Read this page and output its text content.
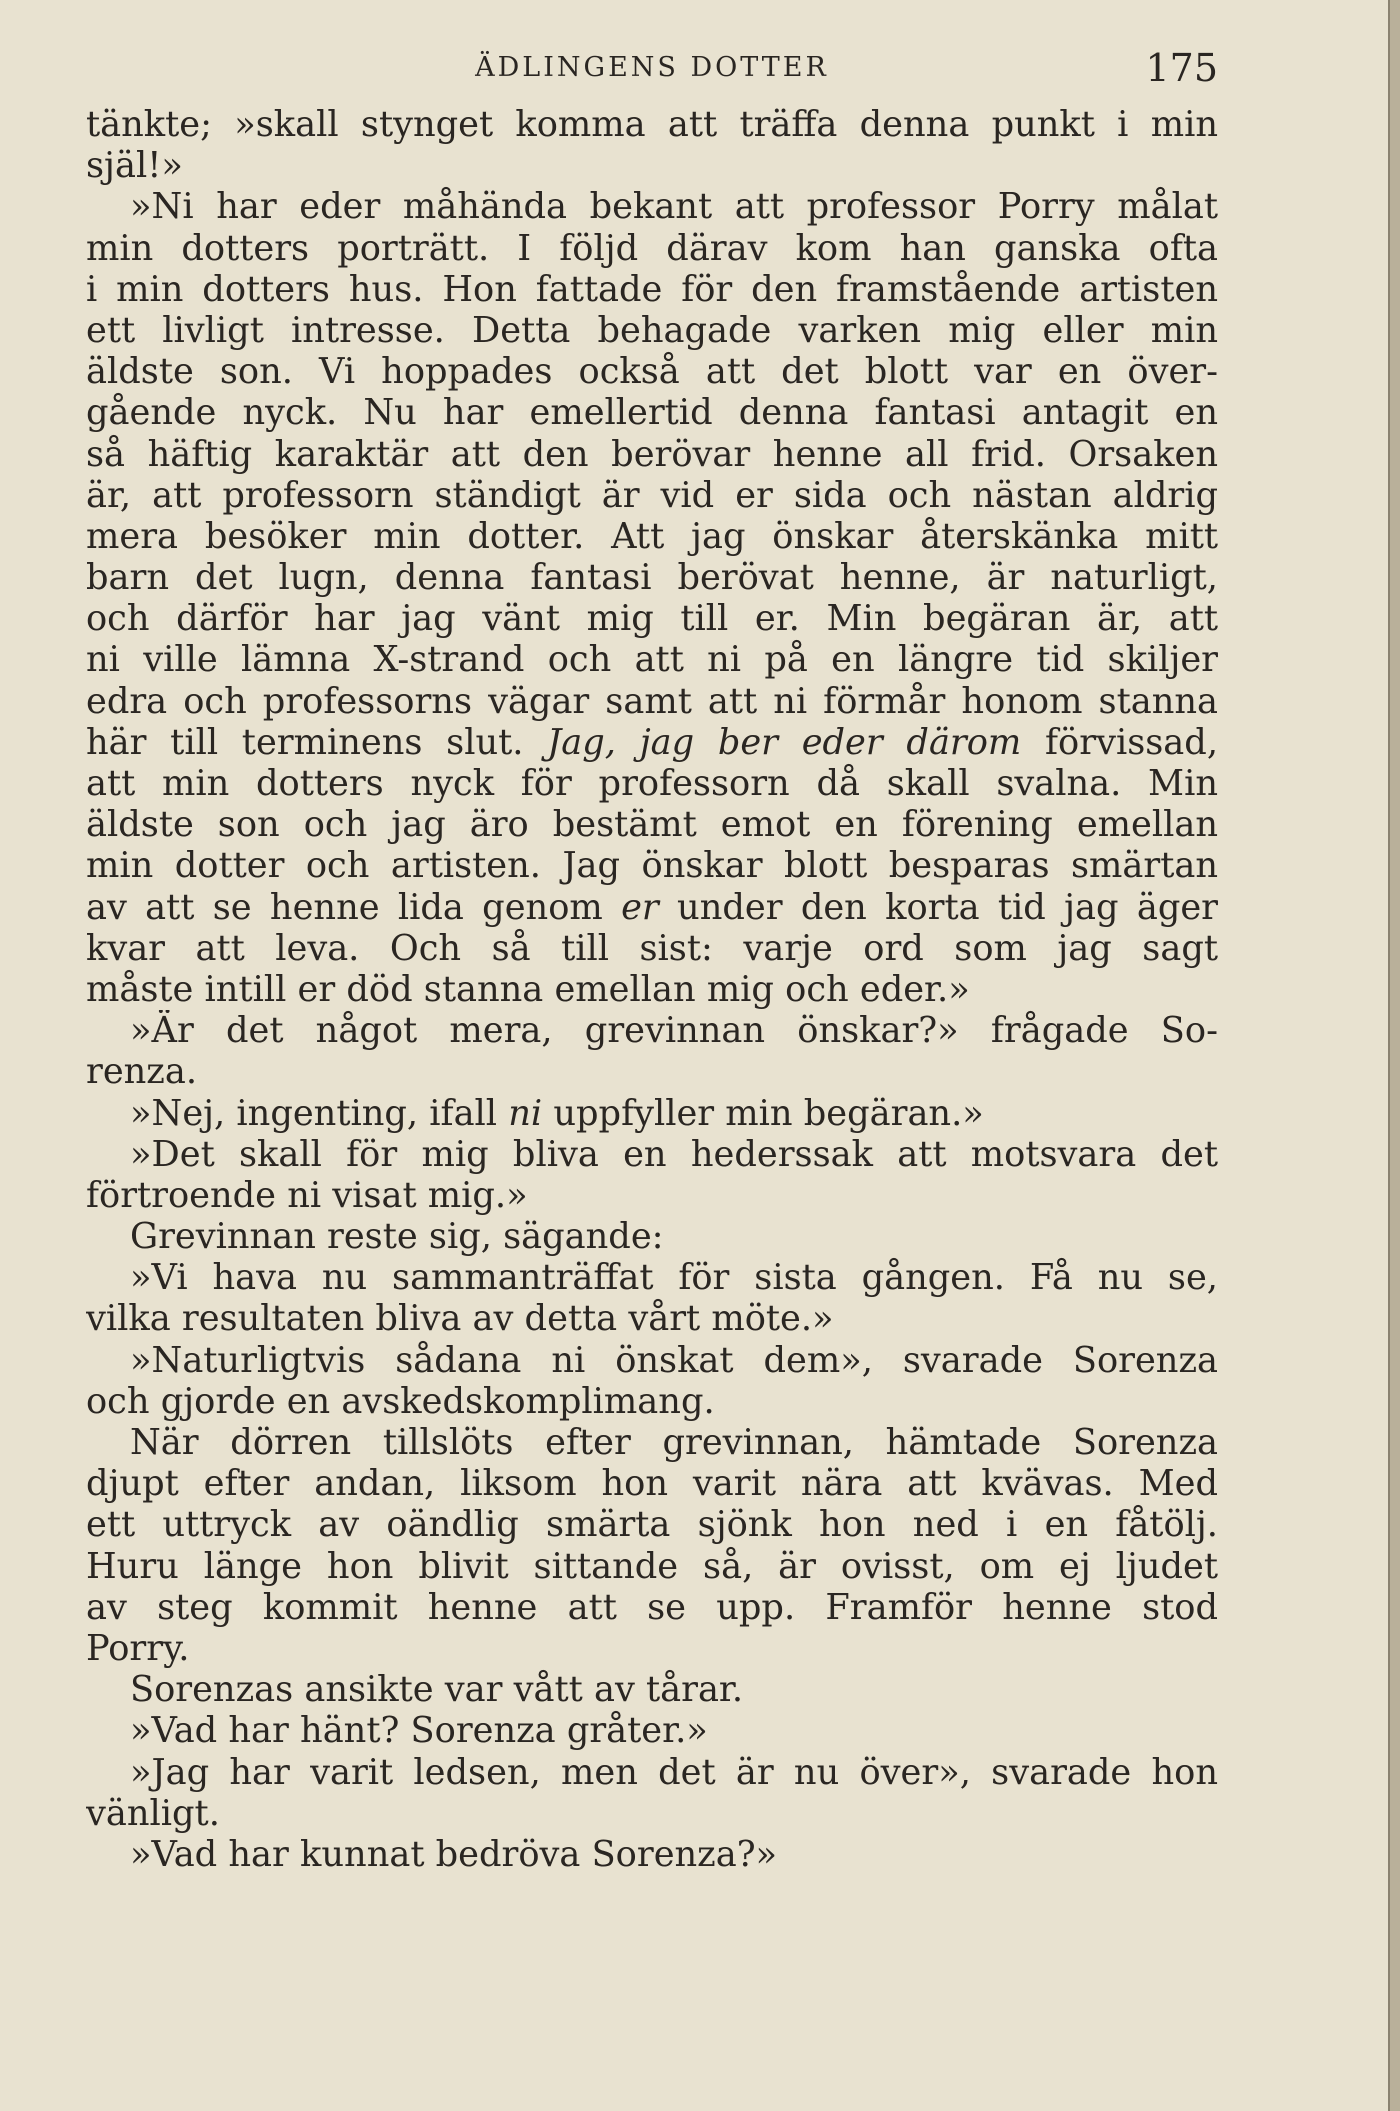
ÄDLINGENS DOTTER	175
tänkte; »skall stynget komma att träffa denna punkt i min
själ!»
»Ni har eder måhända bekant att professor Porry målat
min dotters porträtt. I följd därav kom han ganska ofta
i min dotters hus. Hon fattade för den framstående artisten
ett livligt intresse. Detta behagade varken mig eller min
äldste son. Vi hoppades också att det blott var en över-
gående nyck. Nu har emellertid denna fantasi antagit en
så häftig karaktär att den berövar henne all frid. Orsaken
är, att professorn ständigt är vid er sida och nästan aldrig
mera besöker min dotter. Att jag önskar återskänka mitt
barn det lugn, denna fantasi berövat henne, är naturligt,
och därför har jag vänt mig till er. Min begäran är, att
ni ville lämna X-strand och att ni på en längre tid skiljer
edra och professorns vägar samt att ni förmår honom stanna
här till terminens slut. Jag, jag ber eder därom förvissad,
att min dotters nyck för professorn då skall svalna. Min
äldste son och jag äro bestämt emot en förening emellan
min dotter och artisten. Jag önskar blott besparas smärtan
av att se henne lida genom er under den korta tid jag äger
kvar att leva. Och så till sist: varje ord som jag sagt
måste intill er död stanna emellan mig och eder.»
»Är det något mera, grevinnan önskar?» frågade So-
renza.
»Nej, ingenting, ifall ni uppfyller min begäran.»
»Det skall för mig bliva en hederssak att motsvara det
förtroende ni visat mig.»
Grevinnan reste sig, sägande:
»Vi hava nu sammanträffat för sista gången. Få nu se,
vilka resultaten bliva av detta vårt möte.»
»Naturligtvis sådana ni önskat dem», svarade Sorenza
och gjorde en avskedskomplimang.
När dörren tillslöts efter grevinnan, hämtade Sorenza
djupt efter andan, liksom hon varit nära att kvävas. Med
ett uttryck av oändlig smärta sjönk hon ned i en fåtölj.
Huru länge hon blivit sittande så, är ovisst, om ej ljudet
av steg kommit henne att se upp. Framför henne stod
Porry.
Sorenzas ansikte var vått av tårar.
»Vad har hänt? Sorenza gråter.»
»Jag har varit ledsen, men det är nu över», svarade hon
vänligt.
»Vad har kunnat bedröva Sorenza?»
